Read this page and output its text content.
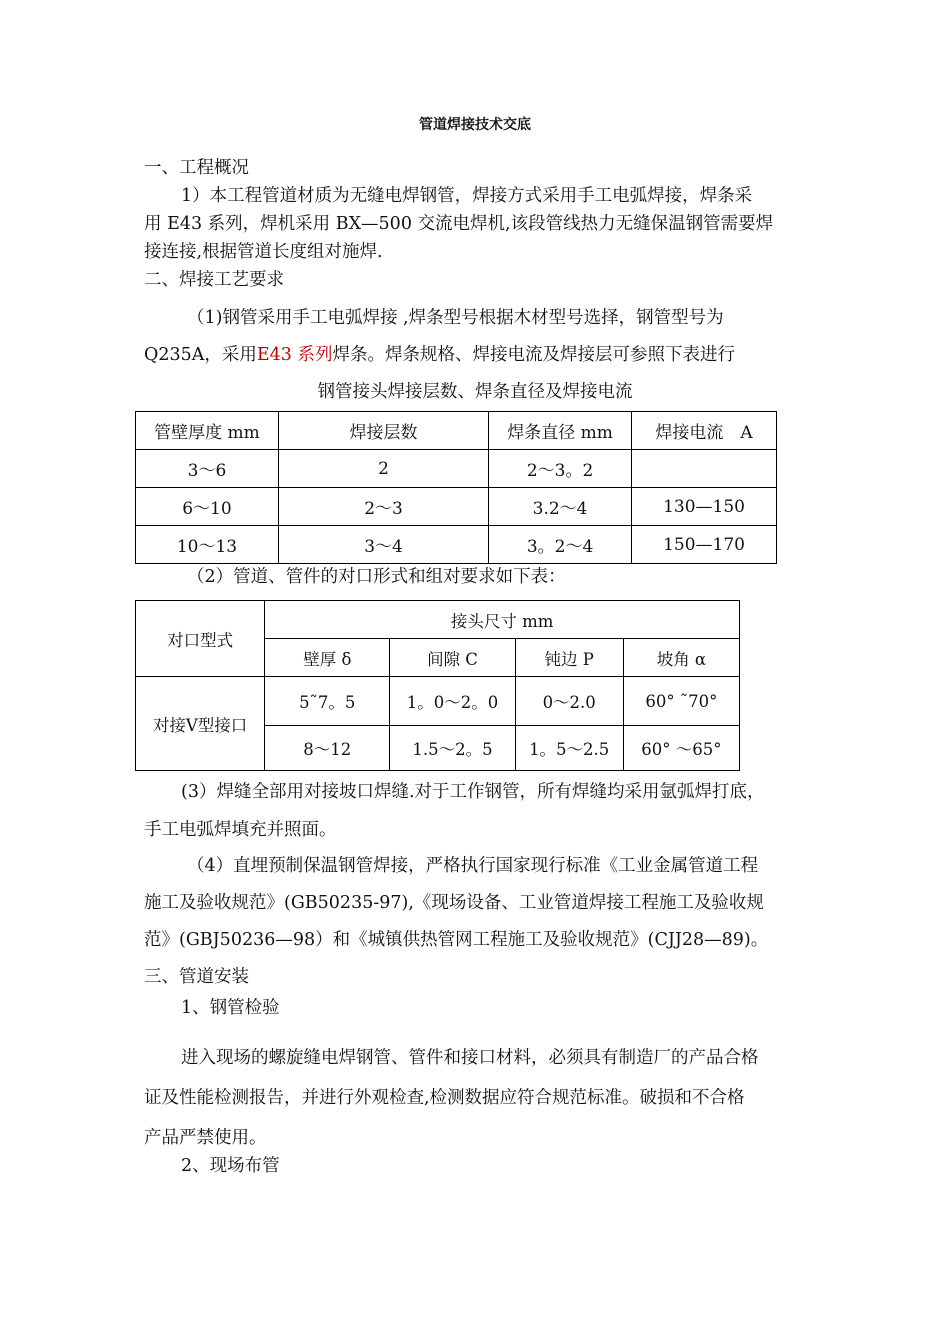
管道焊接技术交底
一、工程概况
1）本工程管道材质为无缝电焊钢管，焊接方式采用手工电弧焊接，焊条采
用 E43 系列，焊机采用 BX—500 交流电焊机,该段管线热力无缝保温钢管需要焊
接连接,根据管道长度组对施焊.
二、焊接工艺要求
（1)钢管采用手工电弧焊接 ,焊条型号根据木材型号选择，钢管型号为
Q235A，采用E43 系列焊条。焊条规格、焊接电流及焊接层可参照下表进行
钢管接头焊接层数、焊条直径及焊接电流
管壁厚度 mm	焊接层数	焊条直径 mm	焊接电流　A
3～6	2	2～3。2	
6～10	2～3	3.2～4	130—150
10～13	3～4	3。2～4	150—170
（2）管道、管件的对口形式和组对要求如下表：
对口型式	接头尺寸 mm			
	壁厚 δ	间隙 C	钝边 P	坡角 α
对接Ⅴ型接口	5˜7。5	1。0～2。0	0～2.0	60° ˜70°
	8～12	1.5～2。5	1。5～2.5	60° ～65°
(3）焊缝全部用对接坡口焊缝.对于工作钢管，所有焊缝均采用氩弧焊打底，
手工电弧焊填充并照面。
（4）直埋预制保温钢管焊接，严格执行国家现行标准《工业金属管道工程
施工及验收规范》(GB50235-97),《现场设备、工业管道焊接工程施工及验收规
范》(GBJ50236—98）和《城镇供热管网工程施工及验收规范》(CJJ28—89)。
三、管道安装
1、钢管检验
进入现场的螺旋缝电焊钢管、管件和接口材料，必须具有制造厂的产品合格
证及性能检测报告，并进行外观检查,检测数据应符合规范标准。破损和不合格
产品严禁使用。
2、现场布管
